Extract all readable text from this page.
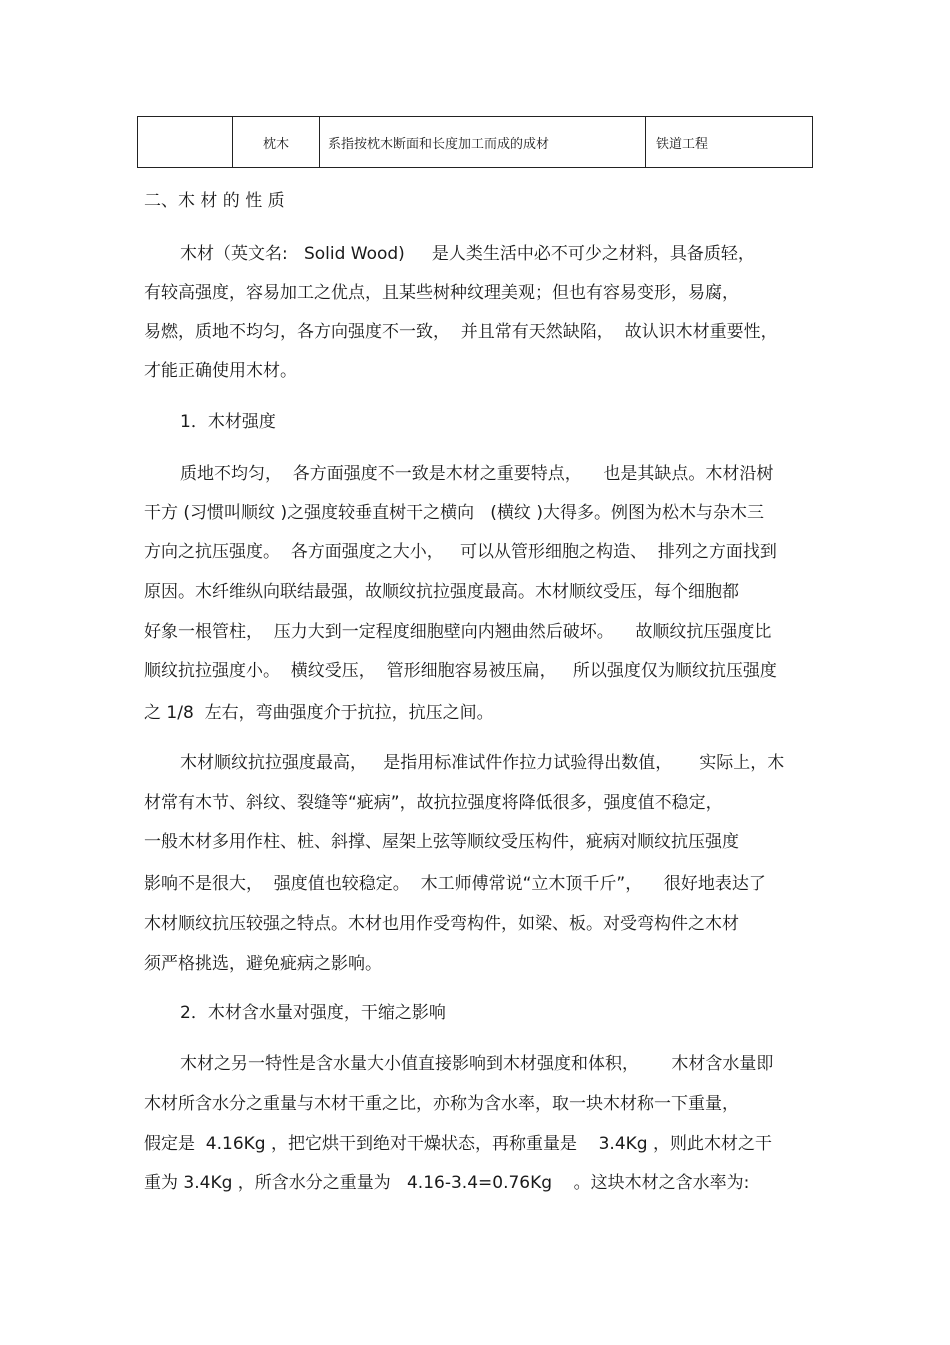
	枕木	系指按枕木断面和长度加工而成的成材	铁道工程
二、木 材 的 性 质
木材（英文名:   Solid Wood)     是人类生活中必不可少之材料，具备质轻，
有较高强度，容易加工之优点，且某些树种纹理美观；但也有容易变形，易腐，
易燃，质地不均匀，各方向强度不一致，  并且常有天然缺陷，  故认识木材重要性，
才能正确使用木材。
1．木材强度
质地不均匀，  各方面强度不一致是木材之重要特点，    也是其缺点。木材沿树
干方 (习惯叫顺纹 )之强度较垂直树干之横向   (横纹 )大得多。例图为松木与杂木三
方向之抗压强度。  各方面强度之大小，   可以从管形细胞之构造、  排列之方面找到
原因。木纤维纵向联结最强，故顺纹抗拉强度最高。木材顺纹受压，每个细胞都
好象一根管柱，  压力大到一定程度细胞壁向内翘曲然后破坏。    故顺纹抗压强度比
顺纹抗拉强度小。  横纹受压，  管形细胞容易被压扁，   所以强度仅为顺纹抗压强度
之 1/8  左右，弯曲强度介于抗拉，抗压之间。
木材顺纹抗拉强度最高，   是指用标准试件作拉力试验得出数值，     实际上，木
材常有木节、斜纹、裂缝等“疵病”，故抗拉强度将降低很多，强度值不稳定，
一般木材多用作柱、桩、斜撑、屋架上弦等顺纹受压构件，疵病对顺纹抗压强度
影响不是很大，  强度值也较稳定。  木工师傅常说“立木顶千斤”，    很好地表达了
木材顺纹抗压较强之特点。木材也用作受弯构件，如梁、板。对受弯构件之木材
须严格挑选，避免疵病之影响。
2．木材含水量对强度，干缩之影响
木材之另一特性是含水量大小值直接影响到木材强度和体积，      木材含水量即
木材所含水分之重量与木材干重之比，亦称为含水率，取一块木材称一下重量，
假定是  4.16Kg ，把它烘干到绝对干燥状态，再称重量是    3.4Kg ，则此木材之干
重为 3.4Kg ，所含水分之重量为   4.16-3.4=0.76Kg    。这块木材之含水率为:
